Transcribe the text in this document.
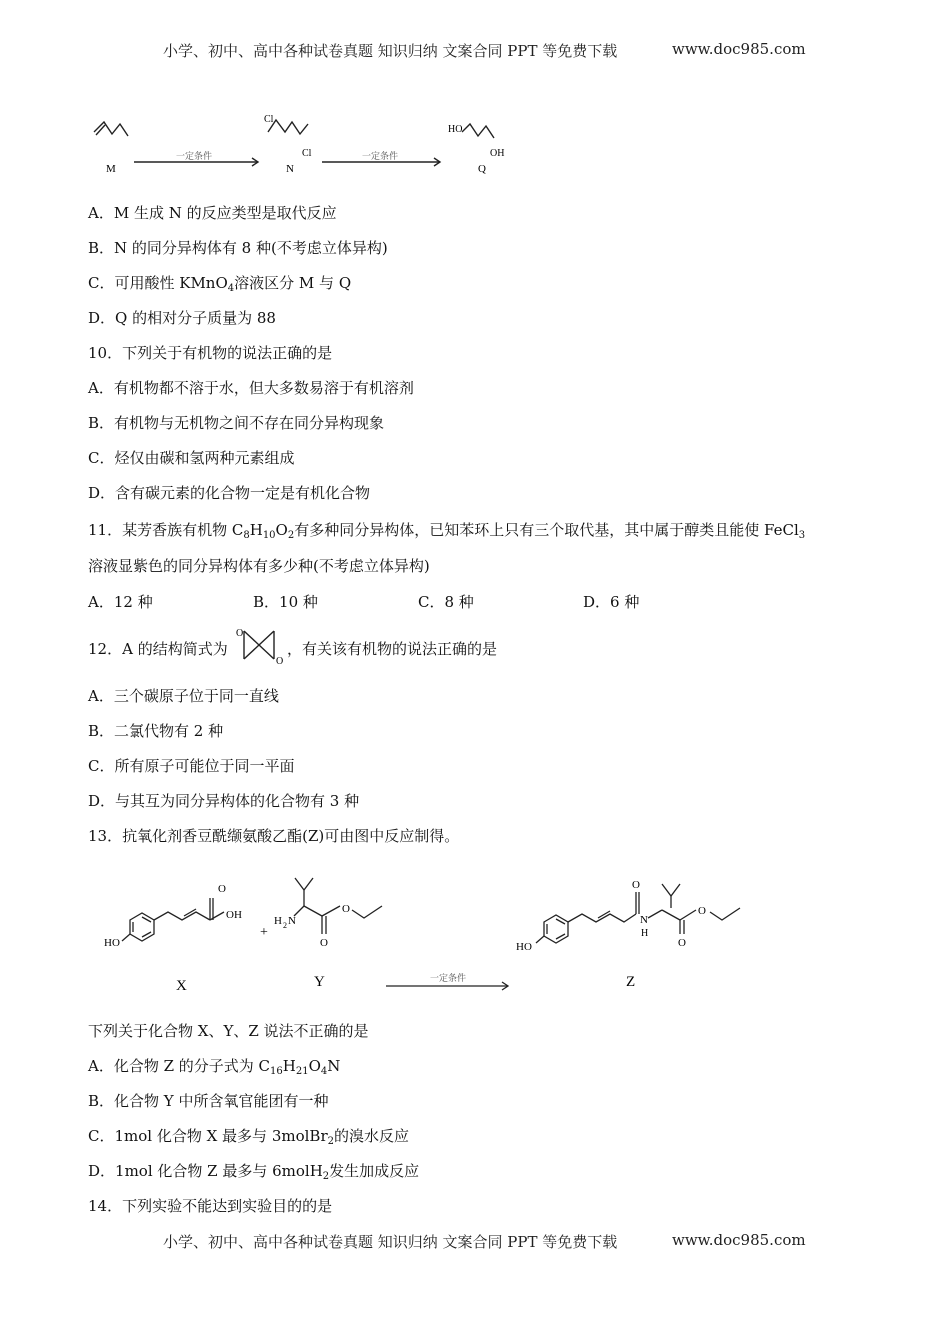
小学、初中、高中各种试卷真题 知识归纳 文案合同 PPT 等免费下载	www.doc985.com
M
Cl
Cl
N
HO
OH
Q
一定条件	一定条件
A．M 生成 N 的反应类型是取代反应
B．N 的同分异构体有 8 种(不考虑立体异构)
C．可用酸性 KMnO$_4$溶液区分 M 与 Q
D．Q 的相对分子质量为 88
10．下列关于有机物的说法正确的是
A．有机物都不溶于水，但大多数易溶于有机溶剂
B．有机物与无机物之间不存在同分异构现象
C．烃仅由碳和氢两种元素组成
D．含有碳元素的化合物一定是有机化合物
11．某芳香族有机物 $C_8H_{10}O_2$有多种同分异构体，已知苯环上只有三个取代基，其中属于醇类且能使 FeCl$_3$
溶液显紫色的同分异构体有多少种(不考虑立体异构)
A．12 种	B．10 种	C．8 种	D．6 种
12．A 的结构简式为
O
O
，有关该有机物的说法正确的是
A．三个碳原子位于同一直线
B．二氯代物有 2 种
C．所有原子可能位于同一平面
D．与其互为同分异构体的化合物有 3 种
13．抗氧化剂香豆酰缬氨酸乙酯(Z)可由图中反应制得。
HO
O
OH
+
H 2 N
O
O
一定条件
HO
O
N
H
O
O
X	Y	Z
下列关于化合物 X、Y、Z 说法不正确的是
A．化合物 Z 的分子式为 $C_{16}H_{21}O_4N$
B．化合物 Y 中所含氧官能团有一种
C．1mol 化合物 X 最多与 3molBr$_2$的溴水反应
D．1mol 化合物 Z 最多与 6molH$_2$发生加成反应
14．下列实验不能达到实验目的的是
小学、初中、高中各种试卷真题 知识归纳 文案合同 PPT 等免费下载	www.doc985.com
